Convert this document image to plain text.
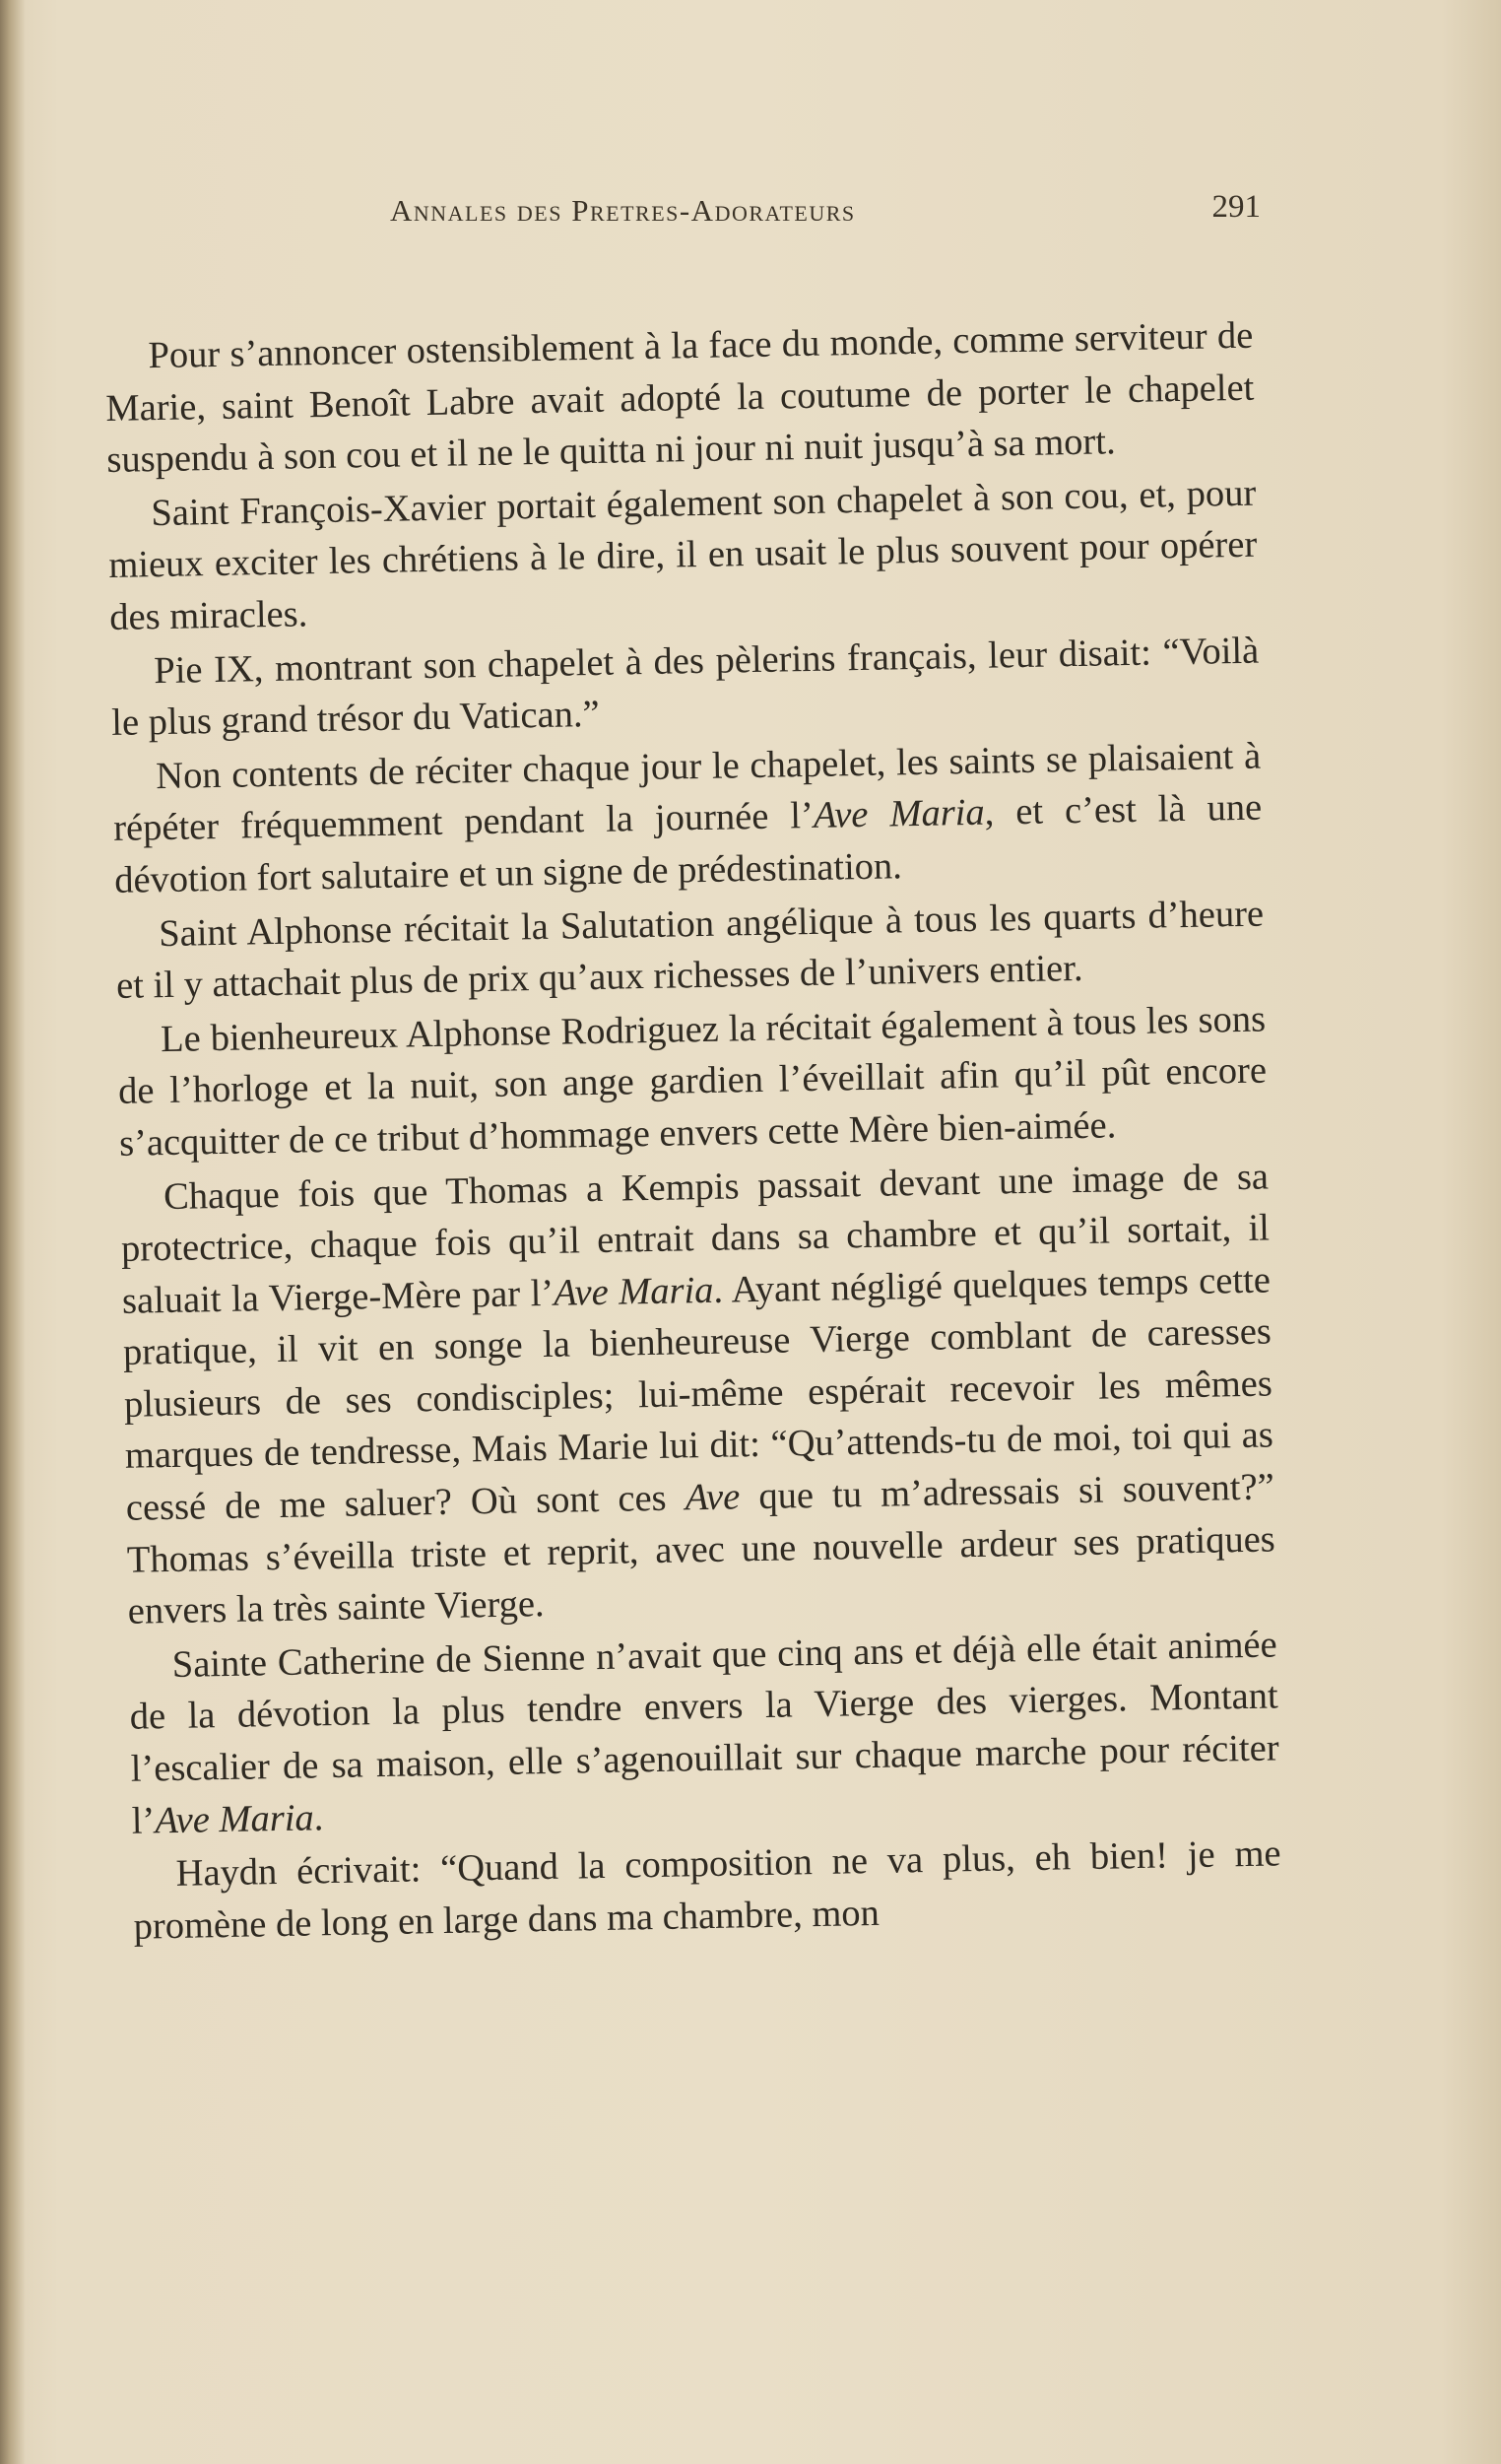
Annales des Pretres-Adorateurs	291

Pour s’annoncer ostensiblement à la face du monde, comme serviteur de Marie, saint Benoît Labre avait adopté la coutume de porter le chapelet suspendu à son cou et il ne le quitta ni jour ni nuit jusqu’à sa mort.

Saint François-Xavier portait également son chapelet à son cou, et, pour mieux exciter les chrétiens à le dire, il en usait le plus souvent pour opérer des miracles.

Pie IX, montrant son chapelet à des pèlerins français, leur disait: “Voilà le plus grand trésor du Vatican.”

Non contents de réciter chaque jour le chapelet, les saints se plaisaient à répéter fréquemment pendant la journée l’Ave Maria, et c’est là une dévotion fort salutaire et un signe de prédestination.

Saint Alphonse récitait la Salutation angélique à tous les quarts d’heure et il y attachait plus de prix qu’aux richesses de l’univers entier.

Le bienheureux Alphonse Rodriguez la récitait également à tous les sons de l’horloge et la nuit, son ange gardien l’éveillait afin qu’il pût encore s’acquitter de ce tribut d’hommage envers cette Mère bien-aimée.

Chaque fois que Thomas a Kempis passait devant une image de sa protectrice, chaque fois qu’il entrait dans sa chambre et qu’il sortait, il saluait la Vierge-Mère par l’Ave Maria. Ayant négligé quelques temps cette pratique, il vit en songe la bienheureuse Vierge comblant de caresses plusieurs de ses condisciples; lui-même espérait recevoir les mêmes marques de tendresse, Mais Marie lui dit: “Qu’attends-tu de moi, toi qui as cessé de me saluer? Où sont ces Ave que tu m’adressais si souvent?” Thomas s’éveilla triste et reprit, avec une nouvelle ardeur ses pratiques envers la très sainte Vierge.

Sainte Catherine de Sienne n’avait que cinq ans et déjà elle était animée de la dévotion la plus tendre envers la Vierge des vierges. Montant l’escalier de sa maison, elle s’agenouillait sur chaque marche pour réciter l’Ave Maria.

Haydn écrivait: “Quand la composition ne va plus, eh bien! je me promène de long en large dans ma chambre, mon
